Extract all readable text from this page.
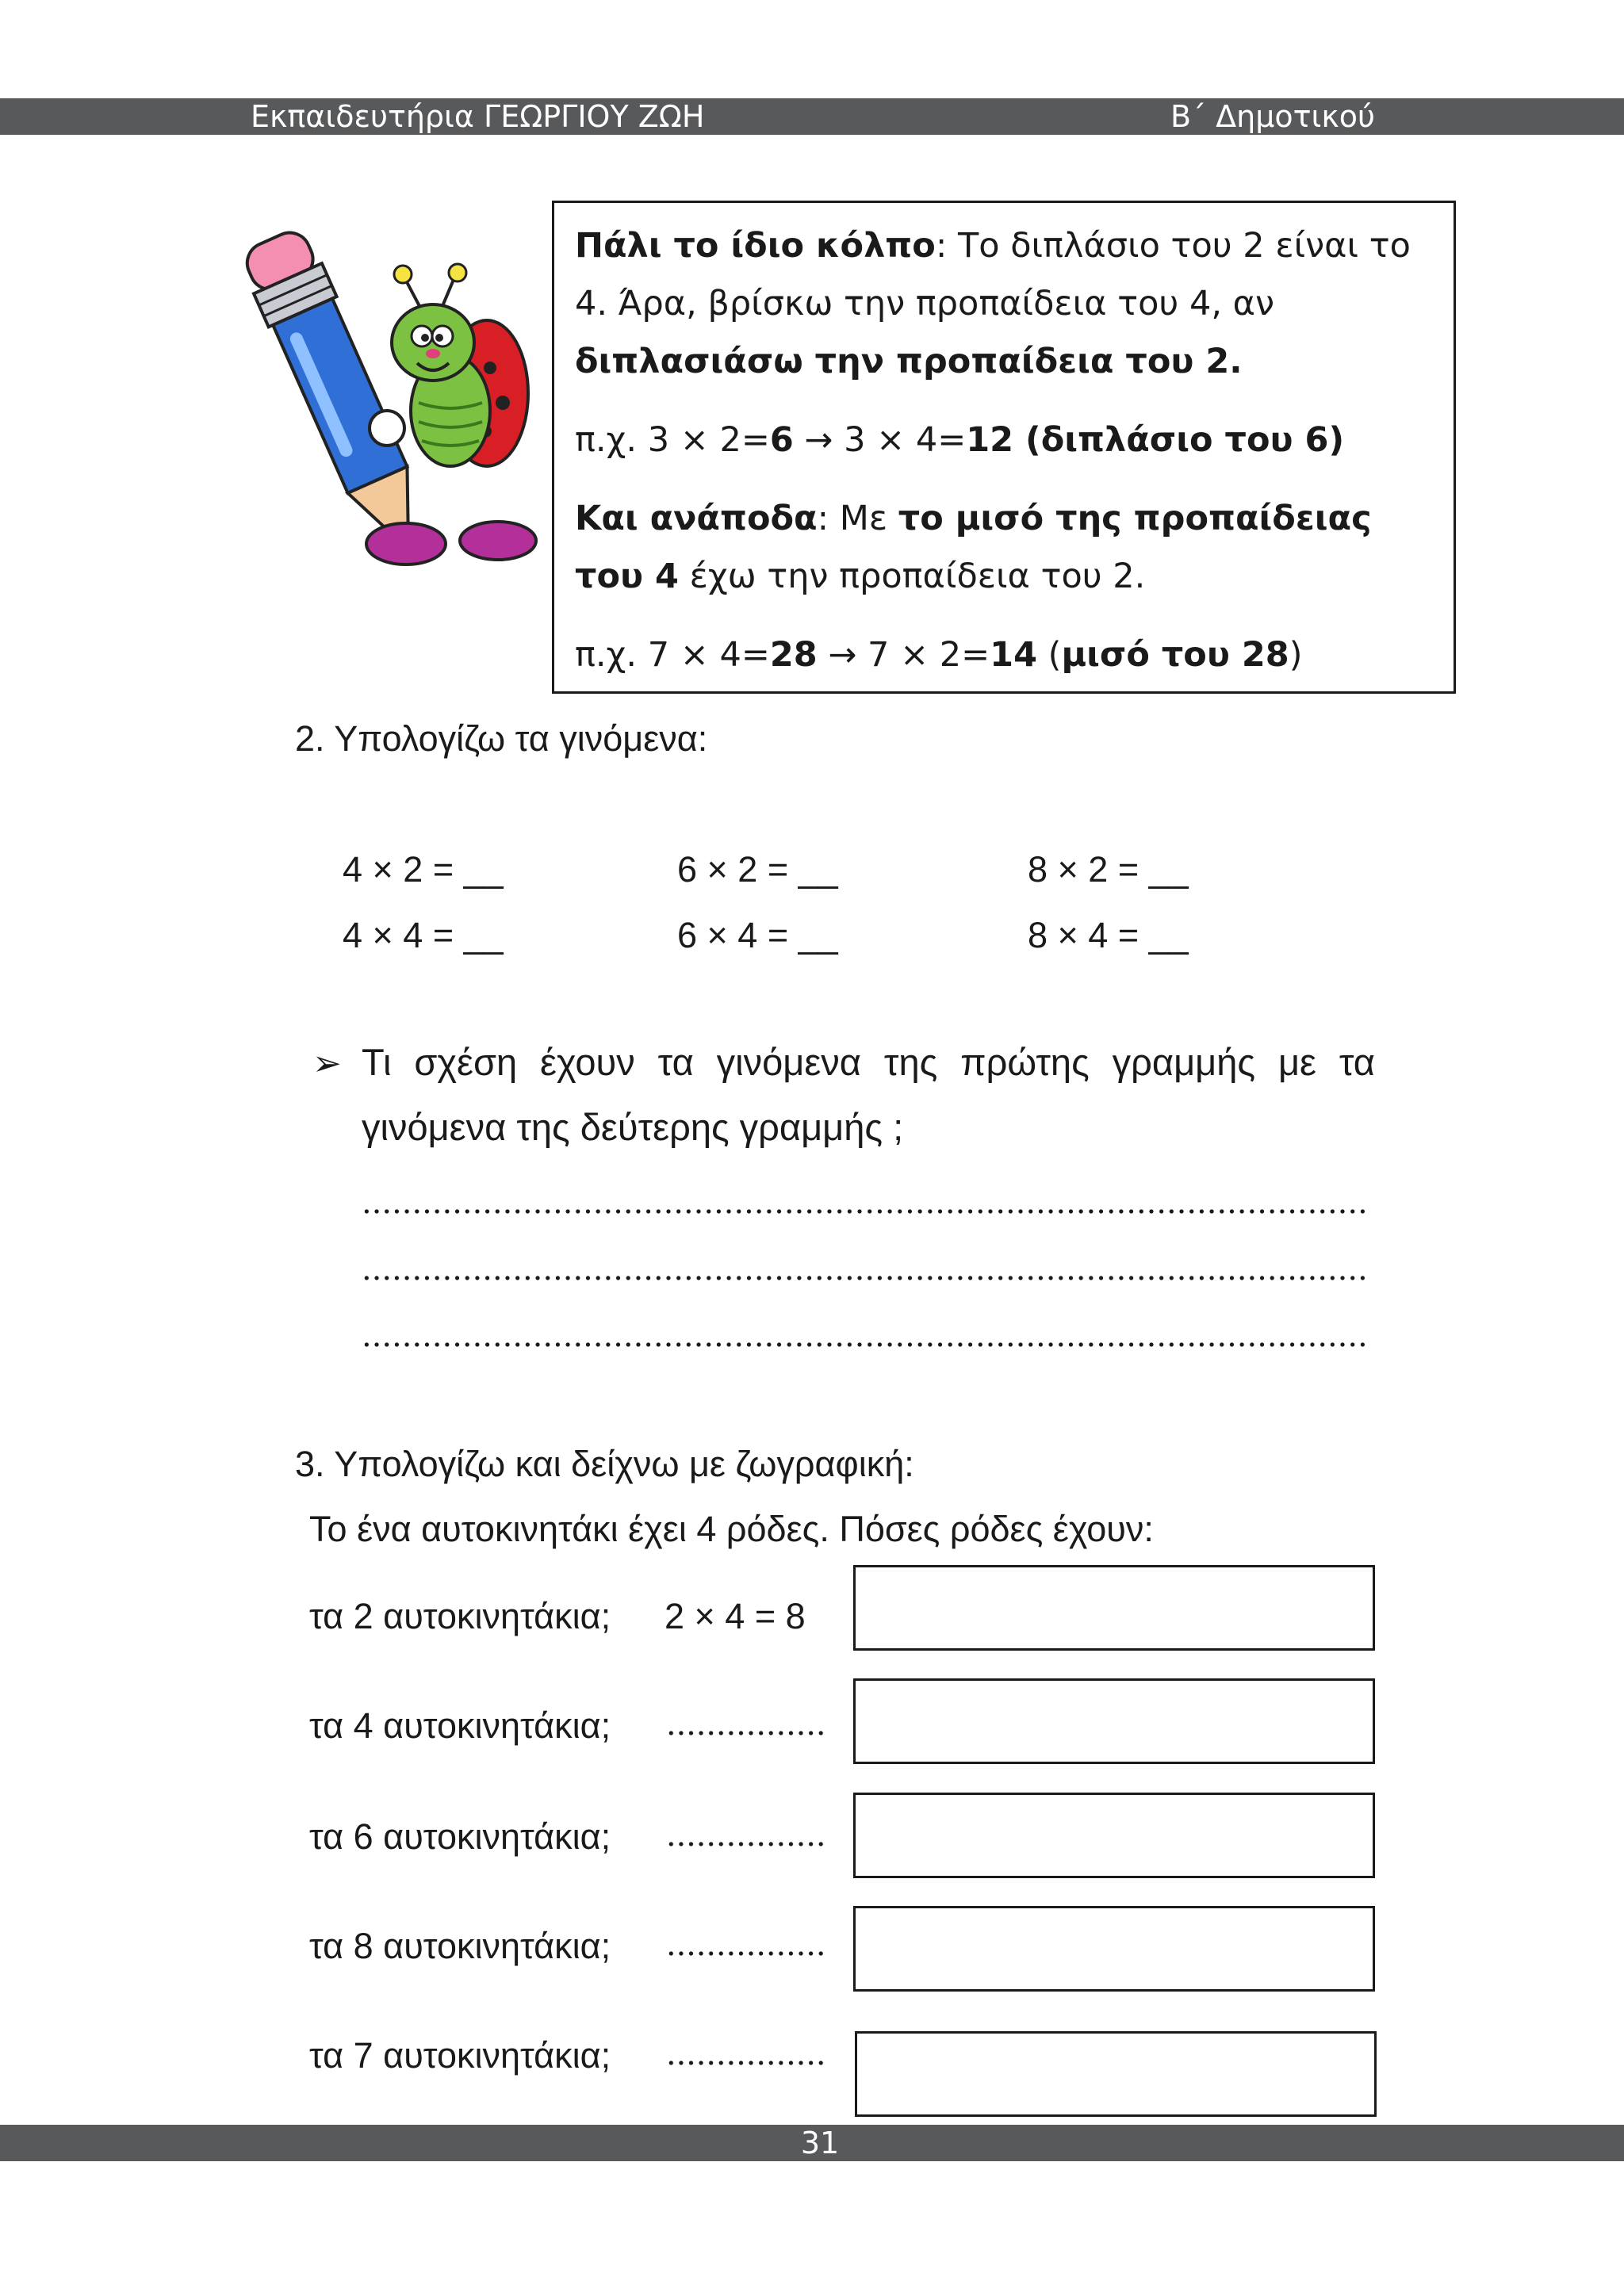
Εκπαιδευτήρια ΓΕΩΡΓΙΟΥ ΖΩΗ	Β΄ Δημοτικού

Πάλι το ίδιο κόλπο: Το διπλάσιο του 2 είναι το 4. Άρα, βρίσκω την προπαίδεια του 4, αν διπλασιάσω την προπαίδεια του 2.

π.χ. 3 × 2=6 → 3 × 4=12 (διπλάσιο του 6)

Και ανάποδα: Με το μισό της προπαίδειας του 4 έχω την προπαίδεια του 2.

π.χ. 7 × 4=28 → 7 × 2=14 (μισό του 28)

2. Υπολογίζω τα γινόμενα:
4 × 2 = __	6 × 2 = __	8 × 2 = __
4 × 4 = __	6 × 4 = __	8 × 4 = __
➢ Τι σχέση έχουν τα γινόμενα της πρώτης γραμμής με τα
γινόμενα της δεύτερης γραμμής ;
3. Υπολογίζω και δείχνω με ζωγραφική:
Το ένα αυτοκινητάκι έχει 4 ρόδες. Πόσες ρόδες έχουν:
τα 2 αυτοκινητάκια; 2 × 4 = 8
τα 4 αυτοκινητάκια;
τα 6 αυτοκινητάκια;
τα 8 αυτοκινητάκια;
τα 7 αυτοκινητάκια;
31
